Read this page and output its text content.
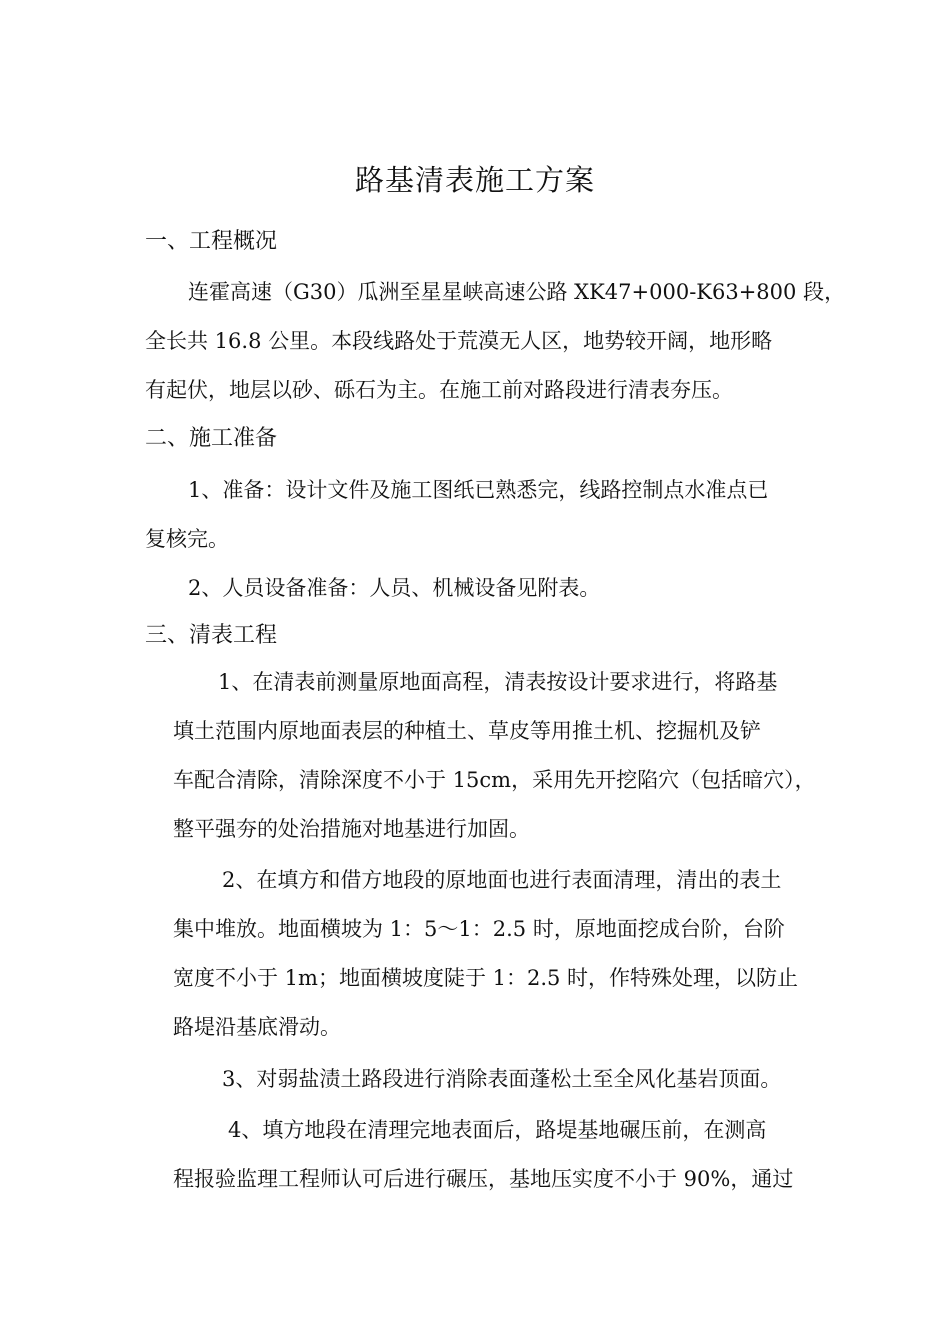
路基清表施工方案

一、工程概况

连霍高速（G30）瓜洲至星星峡高速公路 XK47+000-K63+800 段，

全长共 16.8 公里。本段线路处于荒漠无人区，地势较开阔，地形略

有起伏，地层以砂、砾石为主。在施工前对路段进行清表夯压。

二、施工准备

1、准备：设计文件及施工图纸已熟悉完，线路控制点水准点已

复核完。

2、人员设备准备：人员、机械设备见附表。

三、清表工程

1、在清表前测量原地面高程，清表按设计要求进行，将路基

填土范围内原地面表层的种植土、草皮等用推土机、挖掘机及铲

车配合清除，清除深度不小于 15cm，采用先开挖陷穴（包括暗穴），

整平强夯的处治措施对地基进行加固。

2、在填方和借方地段的原地面也进行表面清理，清出的表土

集中堆放。地面横坡为 1：5～1：2.5 时，原地面挖成台阶，台阶

宽度不小于 1m；地面横坡度陡于 1：2.5 时，作特殊处理，以防止

路堤沿基底滑动。

3、对弱盐渍土路段进行消除表面蓬松土至全风化基岩顶面。

4、填方地段在清理完地表面后，路堤基地碾压前，在测高

程报验监理工程师认可后进行碾压，基地压实度不小于 90%，通过
